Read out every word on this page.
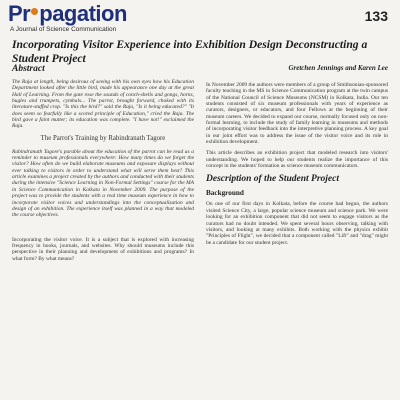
Pr pagation
A Journal of Science Communication
133
Incorporating Visitor Experience into Exhibition Design Deconstructing a Student Project
Abstract
The Raja at length, being desirous of seeing with his own eyes how his Education Department looked after the little bird, made his appearance one day at the great Hall of Learning. From the gate rose the sounds of conch-shells and gongs, horns, bugles and trumpets, cymbals... The parrot, brought forward, choked with its literature-stuffed crop. "Is this the bird?" said the Raja, "Is it being educated?" "It does seem so fearfully like a scored principle of Education," cried the Raja. The bird gave a faint mutter; its education was complete. "I have not!" exclaimed the Raja.
The Parrot's Training by Rabindranath Tagore
Rabindranath Tagore's parable about the education of the parrot can be read as a reminder to museum professionals everywhere: How many times do we forget the visitor? How often do we build elaborate museums and exposure displays without ever talking to visitors in order to understand what will serve them best? This article examines a project created by the authors and conducted with their students during the intensive "Science Learning in Non-Formal Settings" course for the MA in Science Communication in Kolkata in November 2009. The purpose of the project was to provide the students with a real time museum experience in how to incorporate visitor voices and understandings into the conceptualization and design of an exhibition. The experience itself was planned in a way that modeled the course objectives.
Incorporating the visitor voice. It is a subject that is explored with increasing frequency in books, journals, and websites. Why should museums include this perspective in their planning and development of exhibitions and programs? In what form? By what means?
Gretchen Jennings and Karen Lee
In November 2009 the authors were members of a group of Smithsonian-sponsored faculty teaching in the MS in Science Communication program at the twin campus of the National Council of Science Museums (NCSM) in Kolkata, India. Our ten students consisted of six museum professionals with years of experience as curators, designers, or educators, and four Fellows at the beginning of their museum careers. We decided to expand our course, normally focused only on non-formal learning, to include the study of family learning in museums and methods of incorporating visitor feedback into the interpretive planning process. A key goal in our joint effort was to address the issue of the visitor voice and its role in exhibition development.
This article describes an exhibition project that modeled research into visitors' understanding. We hoped to help our students realize the importance of this concept in the students' formation as science museum communicators.
Description of the Student Project
Background
On one of our first days in Kolkata, before the course had begun, the authors visited Science City, a large, popular science museum and science park. We were looking for an exhibition component that did not seem to engage visitors as the curators had no doubt intended. We spent several hours observing, talking with visitors, and looking at many exhibits. Both working with the physics exhibit "Principles of Flight", we decided that a component called "Lift" and "drag" might be a candidate for our student project.
